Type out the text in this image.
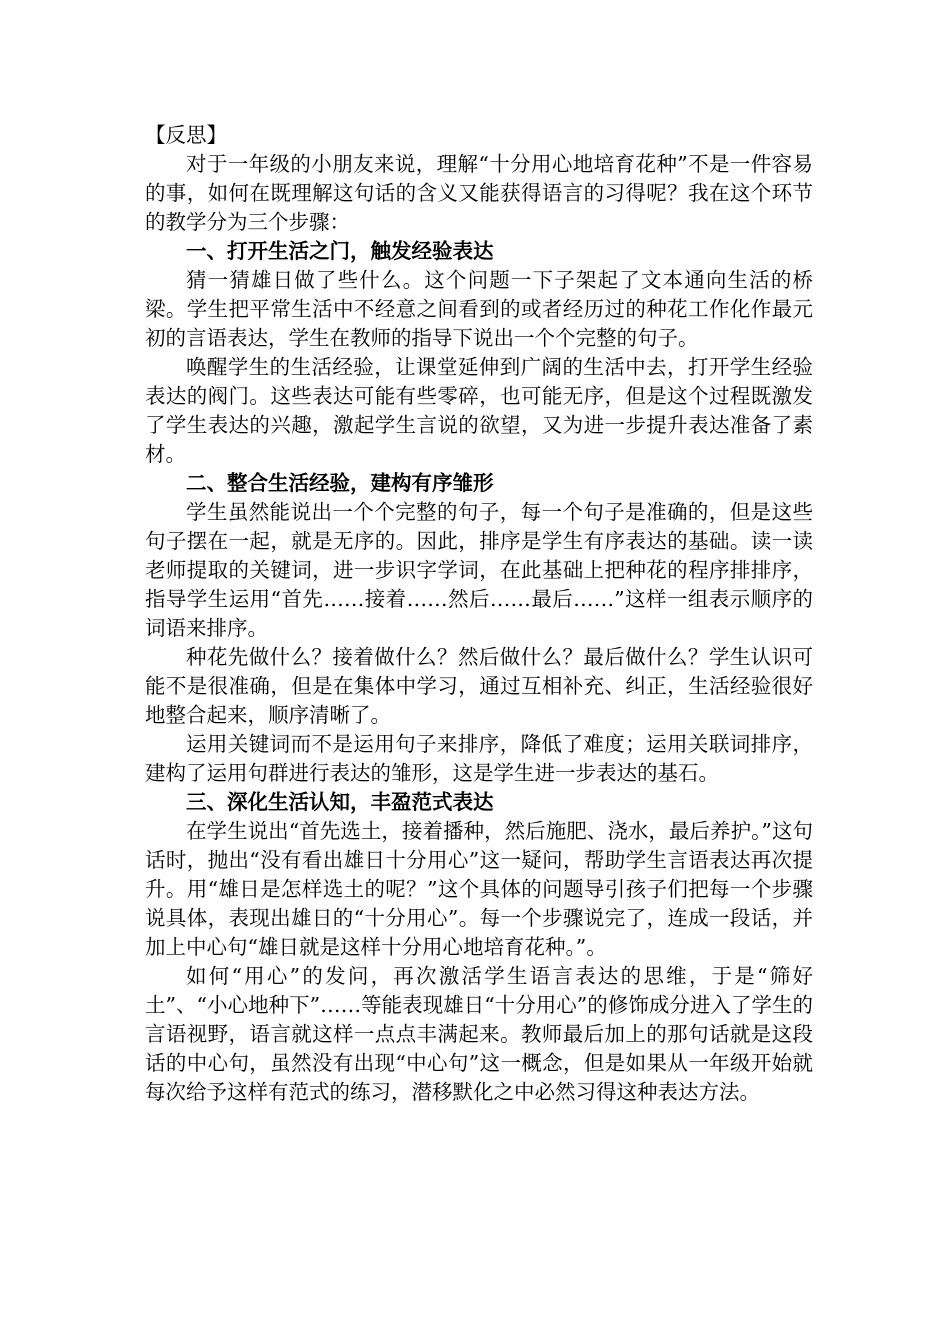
【反思】

对于一年级的小朋友来说，理解“十分用心地培育花种”不是一件容易的事，如何在既理解这句话的含义又能获得语言的习得呢？我在这个环节的教学分为三个步骤：

一、打开生活之门，触发经验表达

猜一猜雄日做了些什么。这个问题一下子架起了文本通向生活的桥梁。学生把平常生活中不经意之间看到的或者经历过的种花工作化作最元初的言语表达，学生在教师的指导下说出一个个完整的句子。

唤醒学生的生活经验，让课堂延伸到广阔的生活中去，打开学生经验表达的阀门。这些表达可能有些零碎，也可能无序，但是这个过程既激发了学生表达的兴趣，激起学生言说的欲望，又为进一步提升表达准备了素材。

二、整合生活经验，建构有序雏形

学生虽然能说出一个个完整的句子，每一个句子是准确的，但是这些句子摆在一起，就是无序的。因此，排序是学生有序表达的基础。读一读老师提取的关键词，进一步识字学词，在此基础上把种花的程序排排序，指导学生运用“首先……接着……然后……最后……”这样一组表示顺序的词语来排序。

种花先做什么？接着做什么？然后做什么？最后做什么？学生认识可能不是很准确，但是在集体中学习，通过互相补充、纠正，生活经验很好地整合起来，顺序清晰了。

运用关键词而不是运用句子来排序，降低了难度；运用关联词排序，建构了运用句群进行表达的雏形，这是学生进一步表达的基石。

三、深化生活认知，丰盈范式表达

在学生说出“首先选土，接着播种，然后施肥、浇水，最后养护。”这句话时，抛出“没有看出雄日十分用心”这一疑问，帮助学生言语表达再次提升。用“雄日是怎样选土的呢？”这个具体的问题导引孩子们把每一个步骤说具体，表现出雄日的“十分用心”。每一个步骤说完了，连成一段话，并加上中心句“雄日就是这样十分用心地培育花种。”。

如何“用心”的发问，再次激活学生语言表达的思维，于是“筛好土”、“小心地种下”……等能表现雄日“十分用心”的修饰成分进入了学生的言语视野，语言就这样一点点丰满起来。教师最后加上的那句话就是这段话的中心句，虽然没有出现“中心句”这一概念，但是如果从一年级开始就每次给予这样有范式的练习，潜移默化之中必然习得这种表达方法。
